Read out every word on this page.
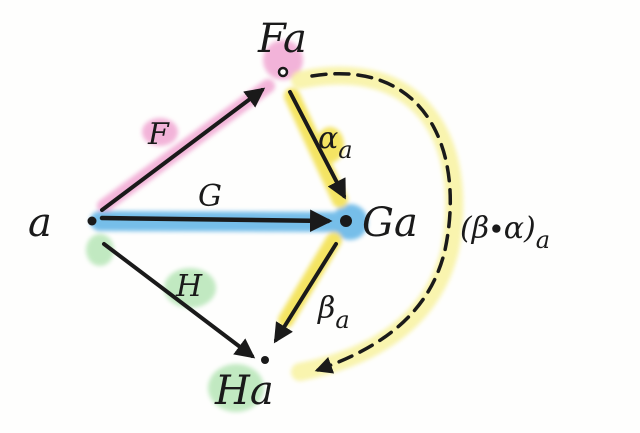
a
Fa
Ga
Ha
F
G
H
$\alpha_a$
$\beta_a$
$(\beta\cdot\alpha)_a$
